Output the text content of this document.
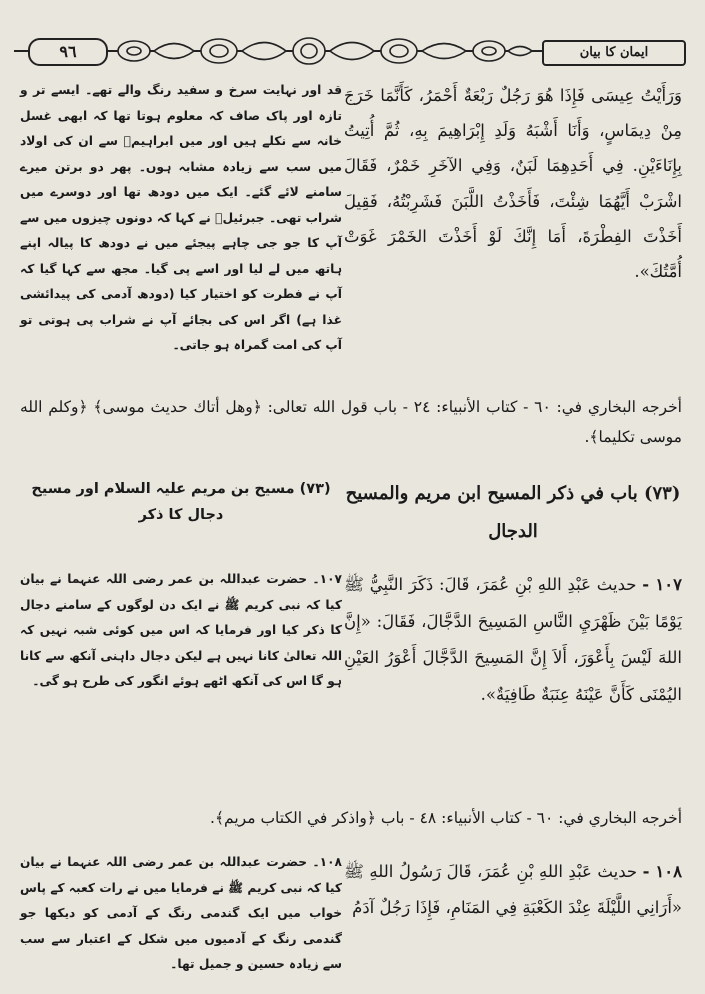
٩٦	ایمان کا بیان
وَرَأَيْتُ عِيسَى فَإِذَا هُوَ رَجُلٌ رَبْعَةٌ أَحْمَرُ، كَأَنَّمَا خَرَجَ مِنْ دِيمَاسٍ، وَأَنَا أَشْبَهُ وَلَدِ إِبْرَاهِيمَ بِهِ، ثُمَّ أُتِيتُ بِإِنَاءَيْنِ. فِي أَحَدِهِمَا لَبَنٌ، وَفِي الآخَرِ خَمْرٌ، فَقَالَ اشْرَبْ أَيَّهُمَا شِئْتَ، فَأَخَذْتُ اللَّبَنَ فَشَرِبْتُهُ، فَقِيلَ أَخَذْتَ الفِطْرَةَ، أَمَا إِنَّكَ لَوْ أَخَذْتَ الخَمْرَ غَوَتْ أُمَّتُكَ».
قد اور نہایت سرخ و سفید رنگ والے تھے۔ ایسے تر و تازہ اور پاک صاف کہ معلوم ہوتا تھا کہ ابھی غسل خانہ سے نکلے ہیں اور میں ابراہیمؑ سے ان کی اولاد میں سب سے زیادہ مشابہ ہوں۔ پھر دو برتن میرے سامنے لائے گئے۔ ایک میں دودھ تھا اور دوسرے میں شراب تھی۔ جبرئیلؑ نے کہا کہ دونوں چیزوں میں سے آپ کا جو جی چاہے پیجئے میں نے دودھ کا پیالہ اپنے ہاتھ میں لے لیا اور اسے پی گیا۔ مجھ سے کہا گیا کہ آپ نے فطرت کو اختیار کیا (دودھ آدمی کی پیدائشی غذا ہے) اگر اس کی بجائے آپ نے شراب پی ہوتی تو آپ کی امت گمراہ ہو جاتی۔
أخرجه البخاري في: ٦٠ - كتاب الأنبياء: ٢٤ - باب قول الله تعالى: ﴿وهل أتاك حديث موسى﴾ ﴿وكلم الله موسى تكليما﴾.
(٧٣) باب في ذكر المسيح ابن مريم والمسيح الدجال
(۷۳) مسیح بن مریم علیہ السلام اور مسیح دجال کا ذکر
١٠٧ - حديث عَبْدِ اللهِ بْنِ عُمَرَ، قَالَ: ذَكَرَ النَّبِيُّ ﷺ يَوْمًا بَيْنَ ظَهْرَيِ النَّاسِ المَسِيحَ الدَّجَّالَ، فَقَالَ: «إِنَّ اللهَ لَيْسَ بِأَعْوَرَ، أَلاَ إِنَّ المَسِيحَ الدَّجَّالَ أَعْوَرُ العَيْنِ اليُمْنَى كَأَنَّ عَيْنَهُ عِنَبَةٌ طَافِيَةٌ».
۱۰۷۔ حضرت عبداللہ بن عمر رضی اللہ عنہما نے بیان کیا کہ نبی کریم ﷺ نے ایک دن لوگوں کے سامنے دجال کا ذکر کیا اور فرمایا کہ اس میں کوئی شبہ نہیں کہ اللہ تعالیٰ کانا نہیں ہے لیکن دجال داہنی آنکھ سے کانا ہو گا اس کی آنکھ اٹھے ہوئے انگور کی طرح ہو گی۔
أخرجه البخاري في: ٦٠ - كتاب الأنبياء: ٤٨ - باب ﴿واذكر في الكتاب مريم﴾.
١٠٨ - حديث عَبْدِ اللهِ بْنِ عُمَرَ، قَالَ رَسُولُ اللهِ ﷺ «أَرَانِي اللَّيْلَةَ عِنْدَ الكَعْبَةِ فِي المَنَامِ، فَإِذَا رَجُلٌ آدَمُ
۱۰۸۔ حضرت عبداللہ بن عمر رضی اللہ عنہما نے بیان کیا کہ نبی کریم ﷺ نے فرمایا میں نے رات کعبہ کے پاس خواب میں ایک گندمی رنگ کے آدمی کو دیکھا جو گندمی رنگ کے آدمیوں میں شکل کے اعتبار سے سب سے زیادہ حسین و جمیل تھا۔
